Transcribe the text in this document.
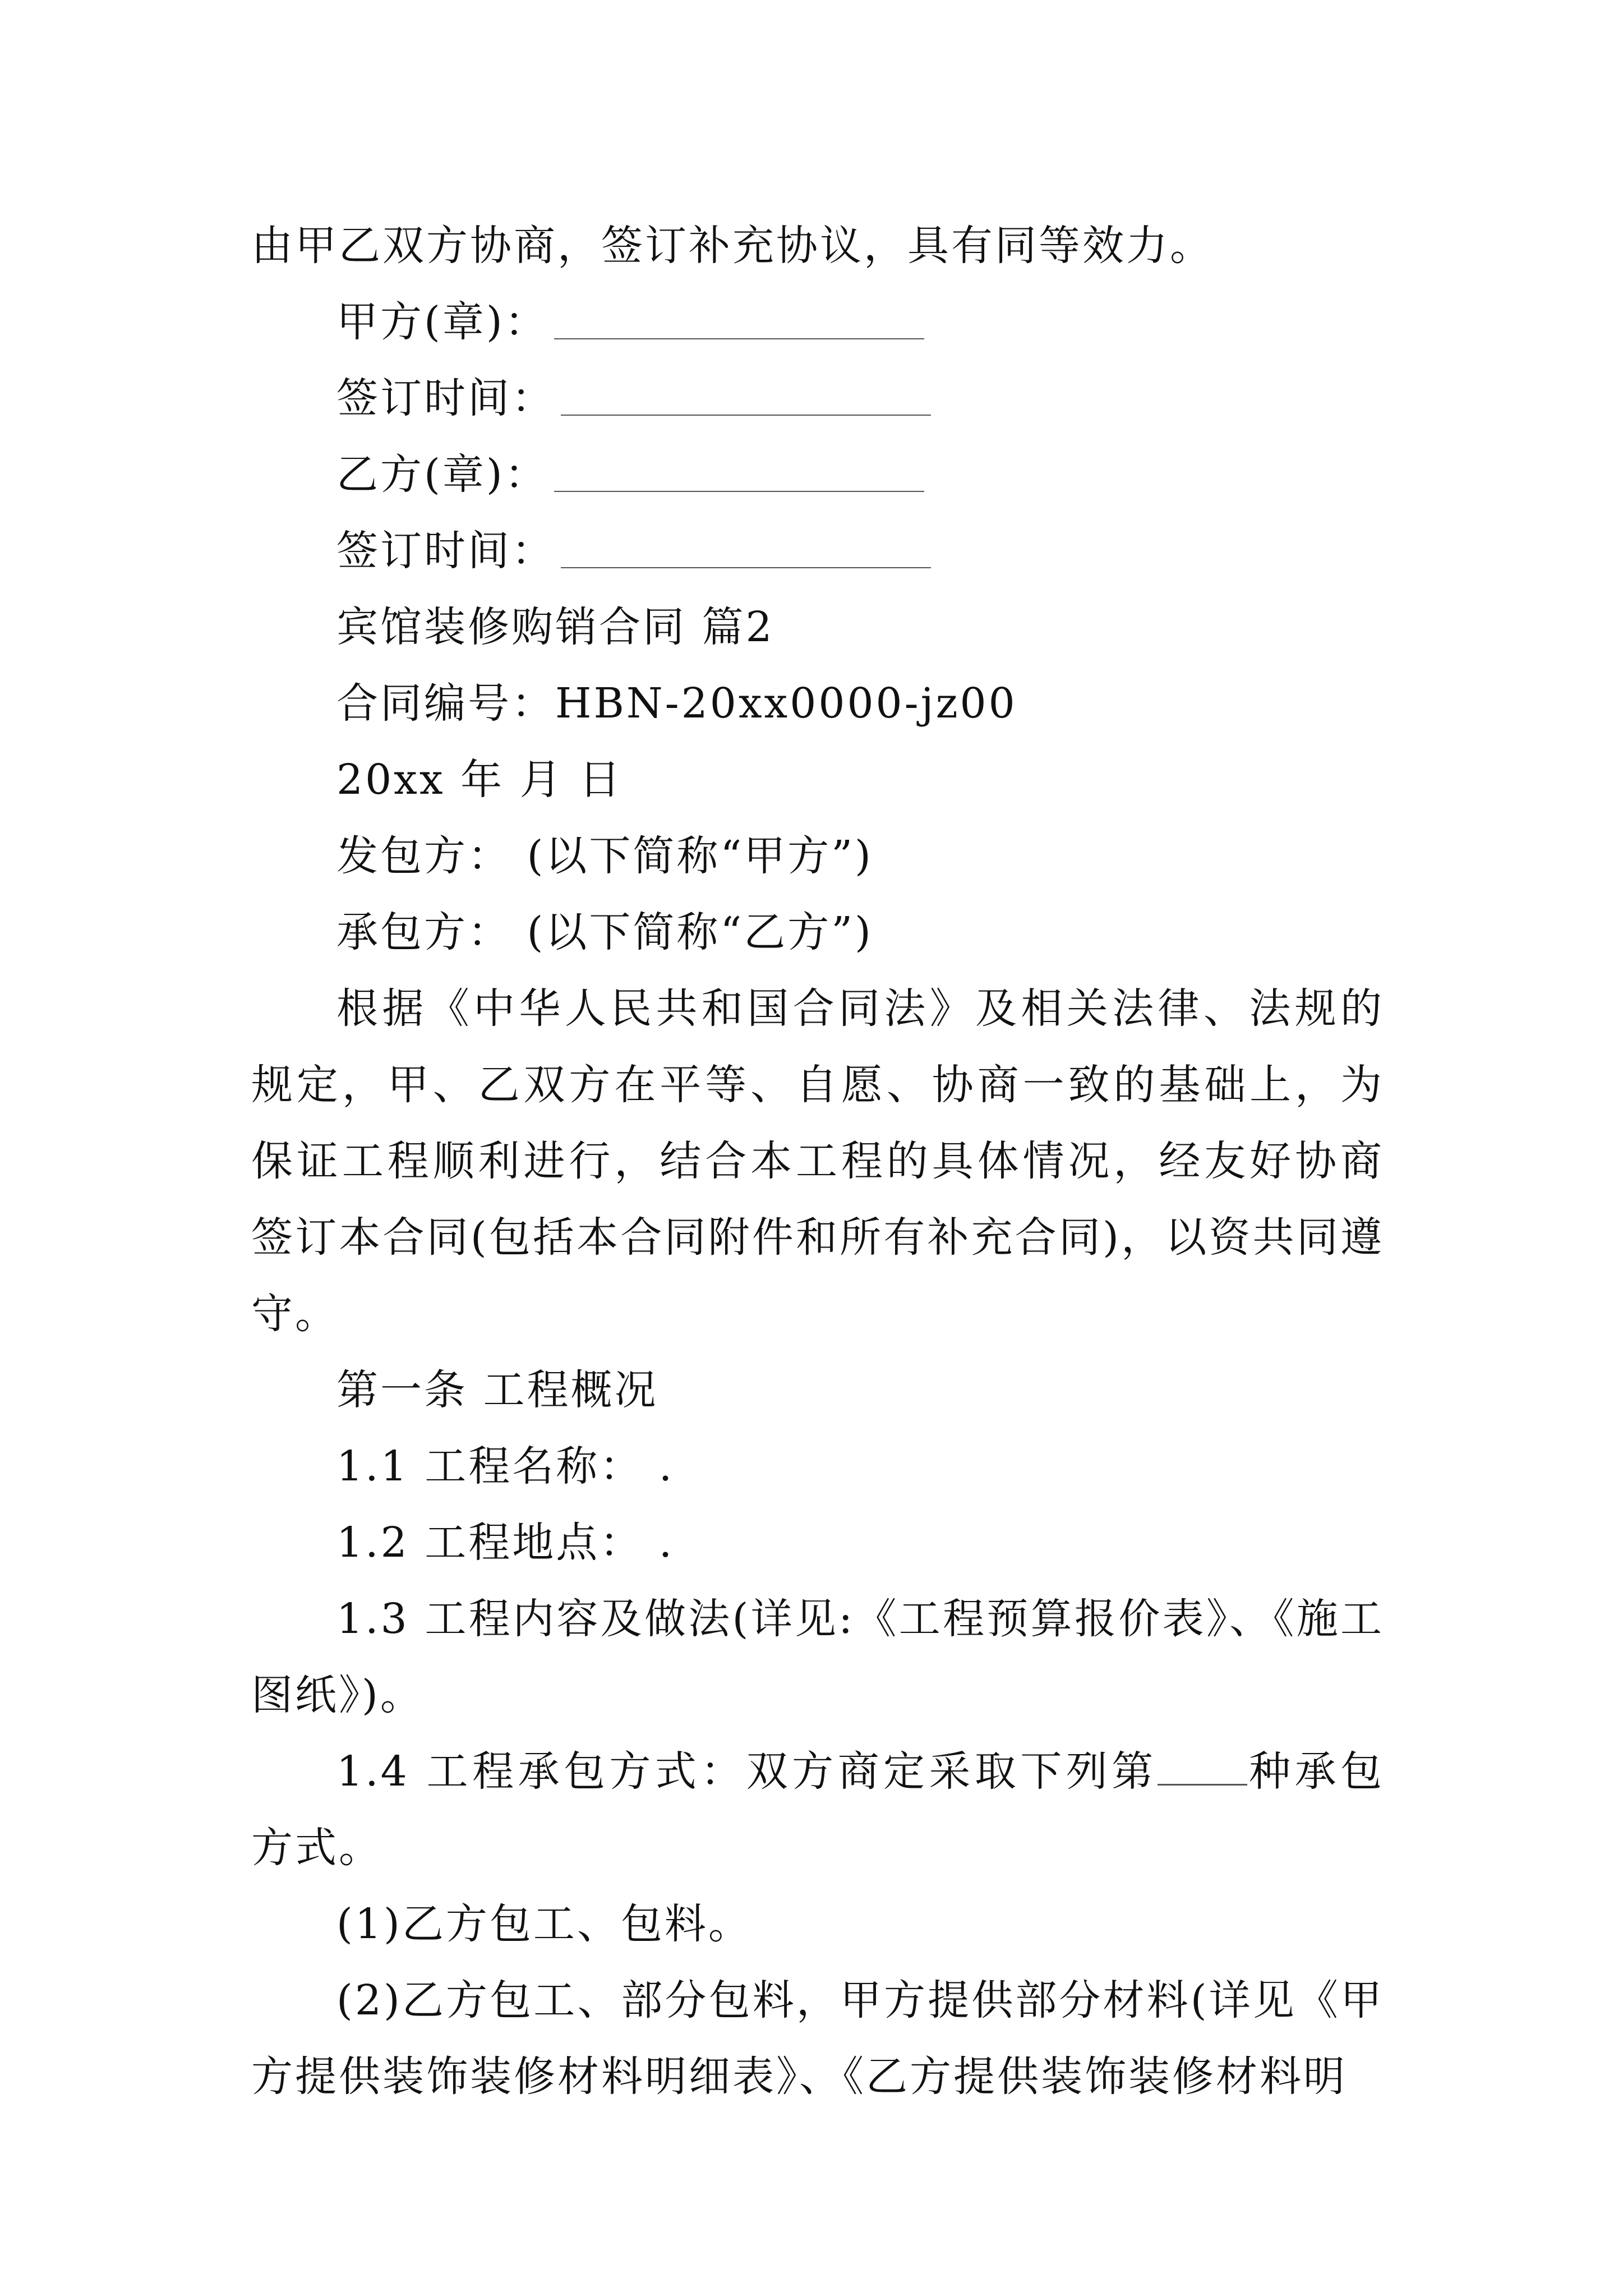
由甲乙双方协商，签订补充协议，具有同等效力。
甲方(章)：
签订时间：
乙方(章)：
签订时间：
宾馆装修购销合同 篇2
合同编号：HBN-20xx0000-jz00
20xx 年 月 日
发包方： (以下简称“甲方”)
承包方： (以下简称“乙方”)
根据《中华人民共和国合同法》及相关法律、法规的规定，甲、乙双方在平等、自愿、协商一致的基础上，为保证工程顺利进行，结合本工程的具体情况，经友好协商签订本合同(包括本合同附件和所有补充合同)，以资共同遵守。
第一条 工程概况
1.1 工程名称： .
1.2 工程地点： .
1.3 工程内容及做法(详见:《工程预算报价表》、《施工图纸》)。
1.4 工程承包方式：双方商定采取下列第 种承包方式。
(1)乙方包工、包料。
(2)乙方包工、部分包料，甲方提供部分材料(详见《甲方提供装饰装修材料明细表》、《乙方提供装饰装修材料明
